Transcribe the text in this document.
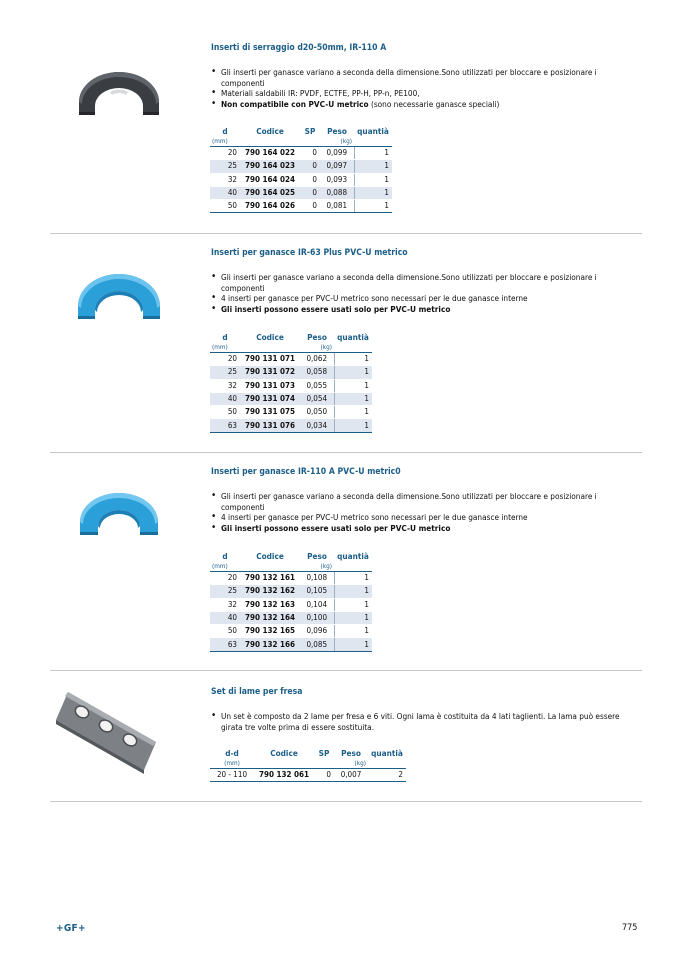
Inserti di serraggio d20-50mm, IR-110 A
• Gli inserti per ganasce variano a seconda della dimensione.Sono utilizzati per bloccare e posizionare i componenti
• Materiali saldabili IR: PVDF, ECTFE, PP-H, PP-n, PE100,
• Non compatibile con PVC-U metrico (sono necessarie ganasce speciali)
d	Codice	SP	Peso	quantià
(mm)			(kg)	
20	790 164 022	0	0,099	1
25	790 164 023	0	0,097	1
32	790 164 024	0	0,093	1
40	790 164 025	0	0,088	1
50	790 164 026	0	0,081	1
Inserti per ganasce IR-63 Plus PVC-U metrico
• Gli inserti per ganasce variano a seconda della dimensione.Sono utilizzati per bloccare e posizionare i componenti
• 4 inserti per ganasce per PVC-U metrico sono necessari per le due ganasce interne
• Gli inserti possono essere usati solo per PVC-U metrico
d	Codice	Peso	quantià
(mm)		(kg)	
20	790 131 071	0,062	1
25	790 131 072	0,058	1
32	790 131 073	0,055	1
40	790 131 074	0,054	1
50	790 131 075	0,050	1
63	790 131 076	0,034	1
Inserti per ganasce IR-110 A PVC-U metric0
• Gli inserti per ganasce variano a seconda della dimensione.Sono utilizzati per bloccare e posizionare i componenti
• 4 inserti per ganasce per PVC-U metrico sono necessari per le due ganasce interne
• Gli inserti possono essere usati solo per PVC-U metrico
d	Codice	Peso	quantià
(mm)		(kg)	
20	790 132 161	0,108	1
25	790 132 162	0,105	1
32	790 132 163	0,104	1
40	790 132 164	0,100	1
50	790 132 165	0,096	1
63	790 132 166	0,085	1
Set di lame per fresa
• Un set è composto da 2 lame per fresa e 6 viti. Ogni lama è costituita da 4 lati taglienti. La lama può essere girata tre volte prima di essere sostituita.
d-d	Codice	SP	Peso	quantià
(mm)			(kg)	
20 - 110	790 132 061	0	0,007	2
+GF+	775
